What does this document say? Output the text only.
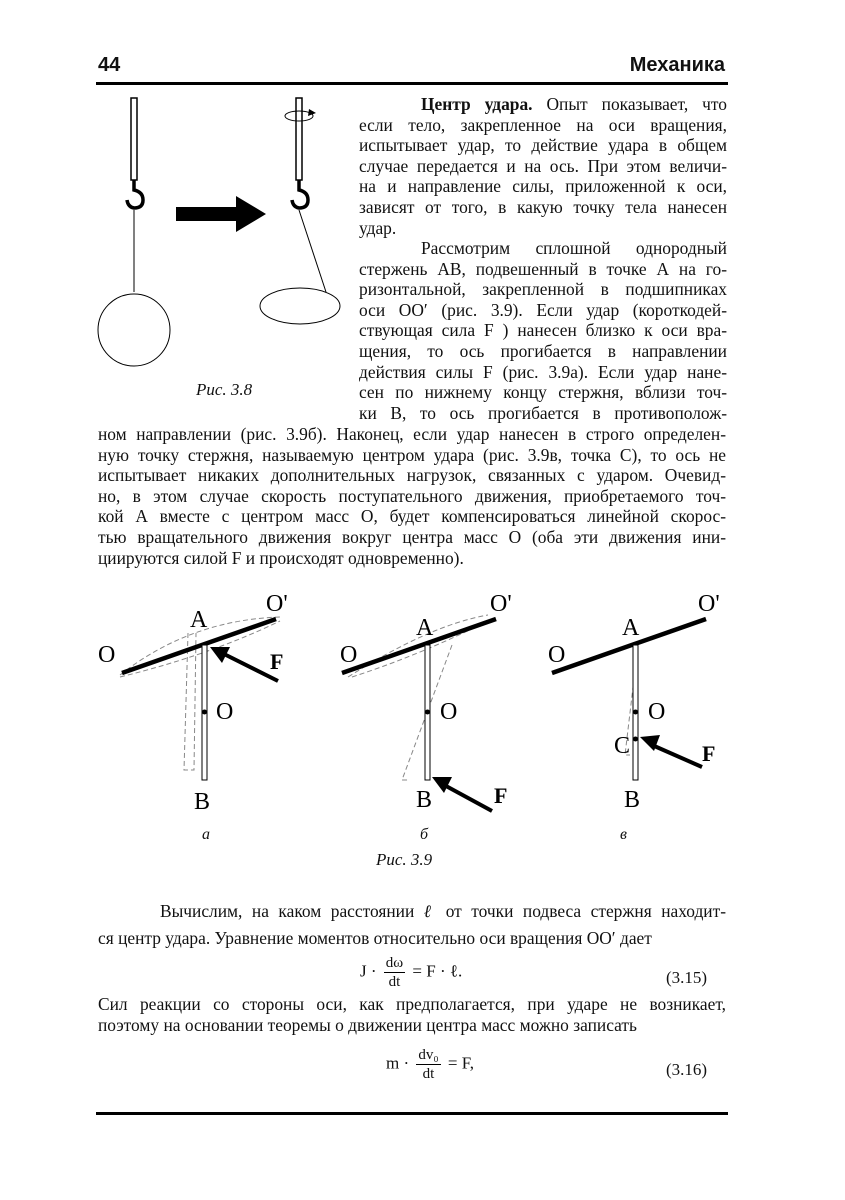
44	Механика
Рис. 3.8
Центр удара. Опыт показывает, что
если тело, закрепленное на оси вращения,
испытывает удар, то действие удара в общем
случае передается и на ось. При этом величи-
на и направление силы, приложенной к оси,
зависят от того, в какую точку тела нанесен
удар.
Рассмотрим сплошной однородный
стержень АВ, подвешенный в точке А на го-
ризонтальной, закрепленной в подшипниках
оси OO′ (рис. 3.9). Если удар (короткодей-
ствующая сила F ) нанесен близко к оси вра-
щения, то ось прогибается в направлении
действия силы F (рис. 3.9а). Если удар нане-
сен по нижнему концу стержня, вблизи точ-
ки В, то ось прогибается в противополож-
ном направлении (рис. 3.9б). Наконец, если удар нанесен в строго определен-
ную точку стержня, называемую центром удара (рис. 3.9в, точка С), то ось не
испытывает никаких дополнительных нагрузок, связанных с ударом. Очевид-
но, в этом случае скорость поступательного движения, приобретаемого точ-
кой А вместе с центром масс О, будет компенсироваться линейной скорос-
тью вращательного движения вокруг центра масс О (оба эти движения ини-
циируются силой F и происходят одновременно).
O
A
O'
F
O
B
O
A
O'
F
O
B
O
A
O'
F
O
C
B
а	б	в
Рис. 3.9
Вычислим, на каком расстоянии ℓ от точки подвеса стержня находит-
ся центр удара. Уравнение моментов относительно оси вращения OO′ дает
$J \cdot \frac{d\omega}{dt} = F$ · ℓ.	(3.15)
Сил реакции со стороны оси, как предполагается, при ударе не возникает,
поэтому на основании теоремы о движении центра масс можно записать
$m \cdot \frac{\text{dv₀}}{dt} = F$,	(3.16)
